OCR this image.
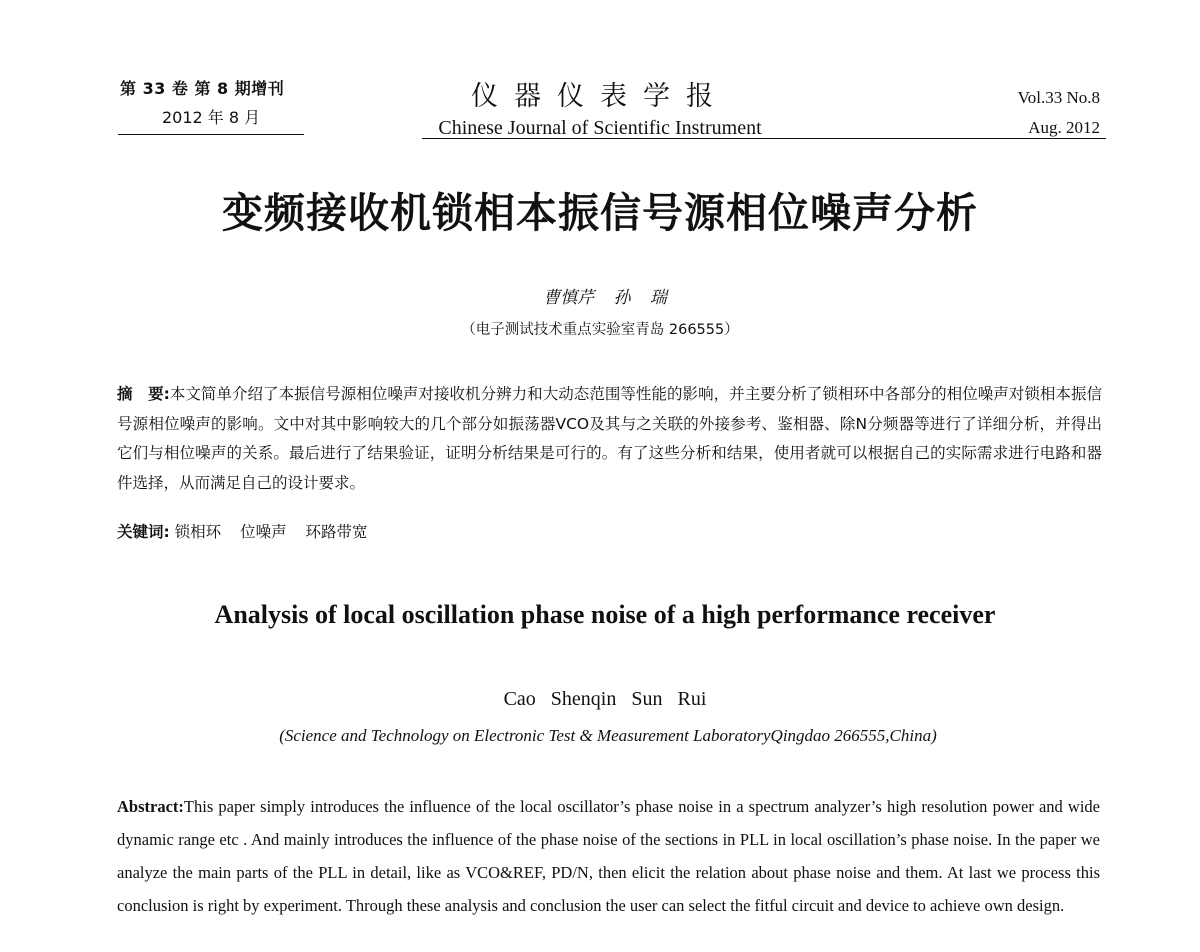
第 33 卷 第 8 期增刊
2012 年 8 月
仪器仪表学报
Chinese Journal of Scientific Instrument
Vol.33 No.8
Aug. 2012
变频接收机锁相本振信号源相位噪声分析
曹慎芹 孙 瑞
（电子测试技术重点实验室青岛 266555）
摘　要:本文简单介绍了本振信号源相位噪声对接收机分辨力和大动态范围等性能的影响，并主要分析了锁相环中各部分的相位噪声对锁相本振信号源相位噪声的影响。文中对其中影响较大的几个部分如振荡器VCO及其与之关联的外接参考、鉴相器、除N分频器等进行了详细分析，并得出它们与相位噪声的关系。最后进行了结果验证，证明分析结果是可行的。有了这些分析和结果，使用者就可以根据自己的实际需求进行电路和器件选择，从而满足自己的设计要求。
关键词: 锁相环 位噪声 环路带宽
Analysis of local oscillation phase noise of a high performance receiver
Cao Shenqin Sun Rui
(Science and Technology on Electronic Test & Measurement LaboratoryQingdao 266555,China)
Abstract:This paper simply introduces the influence of the local oscillator’s phase noise in a spectrum analyzer’s high resolution power and wide dynamic range etc . And mainly introduces the influence of the phase noise of the sections in PLL in local oscillation’s phase noise. In the paper we analyze the main parts of the PLL in detail, like as VCO&REF, PD/N, then elicit the relation about phase noise and them. At last we process this conclusion is right by experiment. Through these analysis and conclusion the user can select the fitful circuit and device to achieve own design.
